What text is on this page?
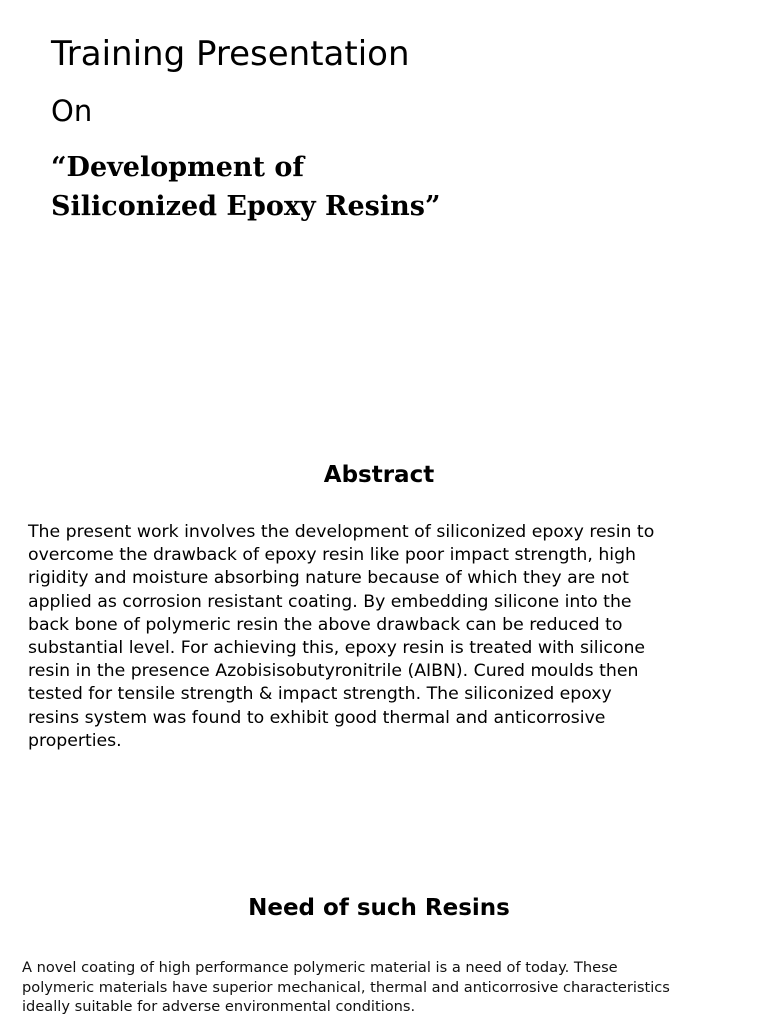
Training Presentation
On
“Development of
Siliconized Epoxy Resins”
Abstract

The present work involves the development of siliconized epoxy resin to
overcome the drawback of epoxy resin like poor impact strength, high
rigidity and moisture absorbing nature because of which they are not
applied as corrosion resistant coating. By embedding silicone into the
back bone of polymeric resin the above drawback can be reduced to
substantial level. For achieving this, epoxy resin is treated with silicone
resin in the presence Azobisisobutyronitrile (AIBN). Cured moulds then
tested for tensile strength & impact strength. The siliconized epoxy
resins system was found to exhibit good thermal and anticorrosive
properties.

Need of such Resins

A novel coating of high performance polymeric material is a need of today. These
polymeric materials have superior mechanical, thermal and anticorrosive characteristics
ideally suitable for adverse environmental conditions.
